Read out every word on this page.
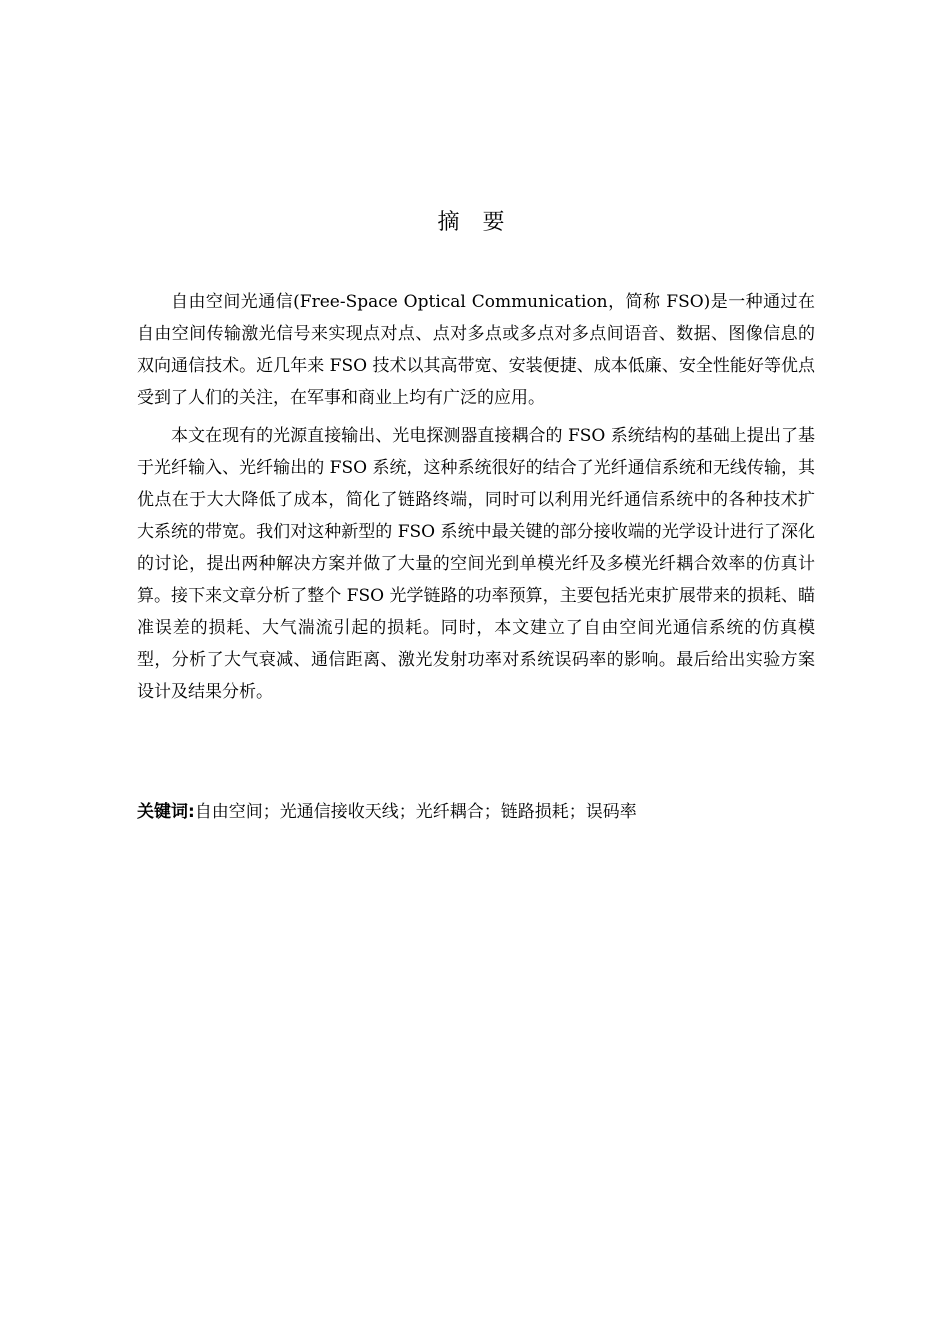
摘 要

自由空间光通信(Free-Space Optical Communication，简称 FSO)是一种通过在自由空间传输激光信号来实现点对点、点对多点或多点对多点间语音、数据、图像信息的双向通信技术。近几年来 FSO 技术以其高带宽、安装便捷、成本低廉、安全性能好等优点受到了人们的关注，在军事和商业上均有广泛的应用。

本文在现有的光源直接输出、光电探测器直接耦合的 FSO 系统结构的基础上提出了基于光纤输入、光纤输出的 FSO 系统，这种系统很好的结合了光纤通信系统和无线传输，其优点在于大大降低了成本，简化了链路终端，同时可以利用光纤通信系统中的各种技术扩大系统的带宽。我们对这种新型的 FSO 系统中最关键的部分接收端的光学设计进行了深化的讨论，提出两种解决方案并做了大量的空间光到单模光纤及多模光纤耦合效率的仿真计算。接下来文章分析了整个 FSO 光学链路的功率预算，主要包括光束扩展带来的损耗、瞄准误差的损耗、大气湍流引起的损耗。同时，本文建立了自由空间光通信系统的仿真模型，分析了大气衰减、通信距离、激光发射功率对系统误码率的影响。最后给出实验方案设计及结果分析。

关键词:自由空间；光通信接收天线；光纤耦合；链路损耗；误码率
